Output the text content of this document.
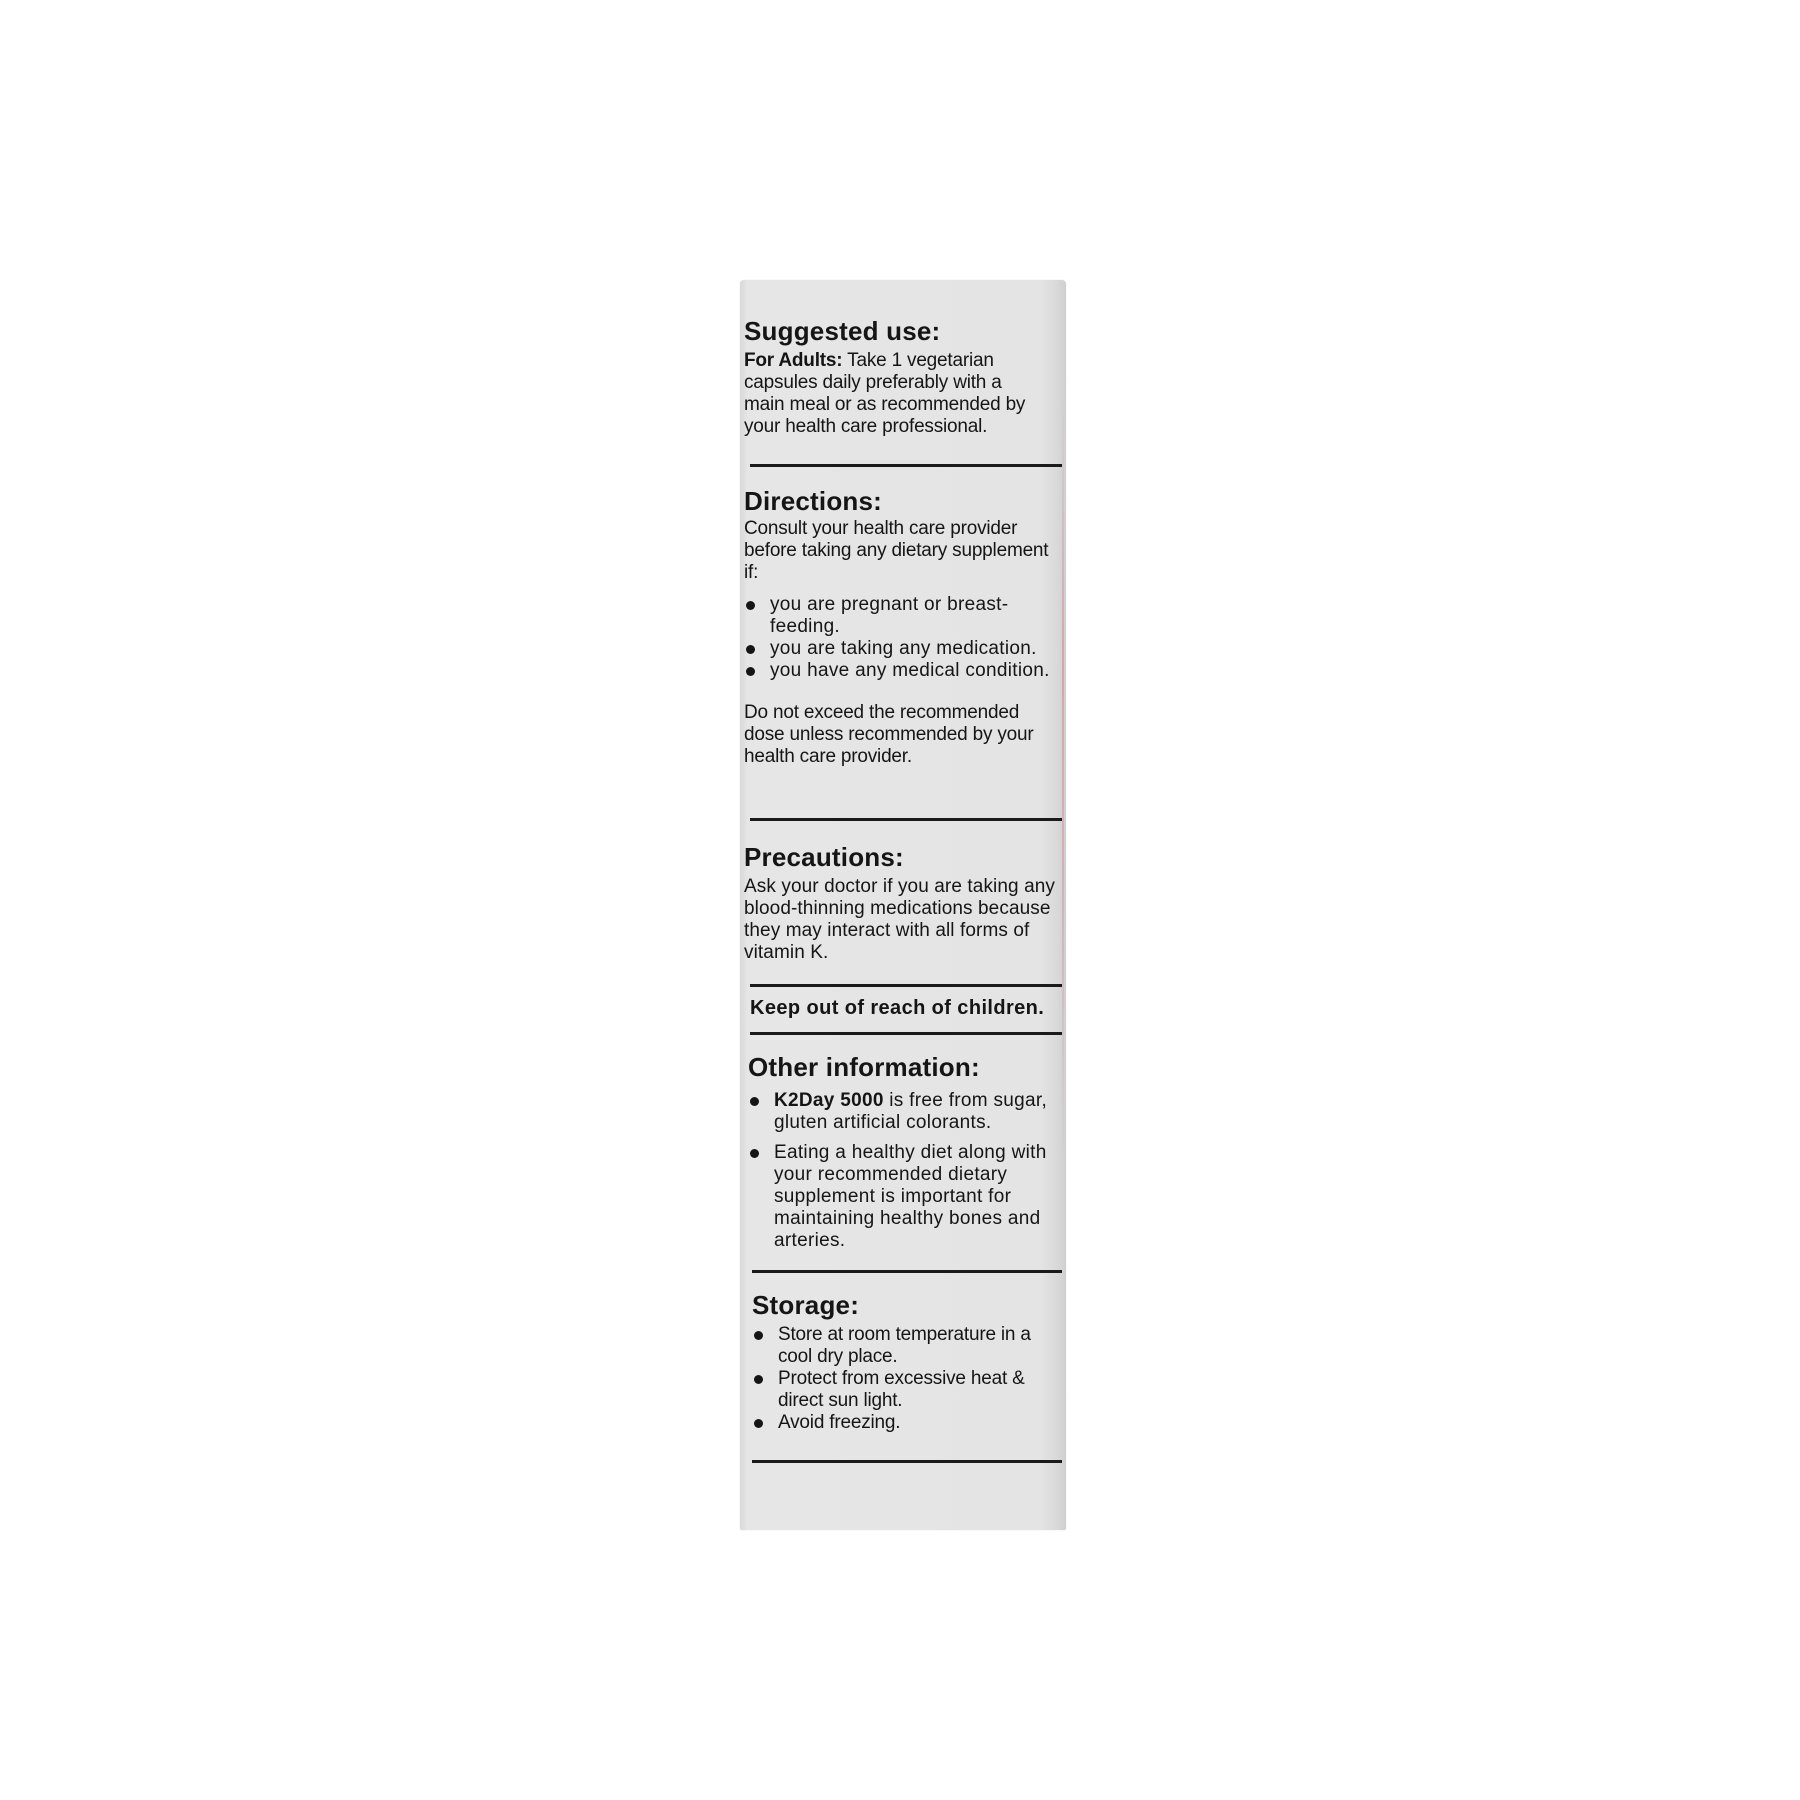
Suggested use:

For Adults: Take 1 vegetarian capsules daily preferably with a main meal or as recommended by your health care professional.

Directions:

Consult your health care provider before taking any dietary supplement if:

you are pregnant or breast-feeding.
you are taking any medication.
you have any medical condition.

Do not exceed the recommended dose unless recommended by your health care provider.

Precautions:

Ask your doctor if you are taking any blood-thinning medications because they may interact with all forms of vitamin K.

Keep out of reach of children.

Other information:
K2Day 5000 is free from sugar, gluten artificial colorants.
Eating a healthy diet along with your recommended dietary supplement is important for maintaining healthy bones and arteries.
Storage:
Store at room temperature in a cool dry place.
Protect from excessive heat & direct sun light.
Avoid freezing.
